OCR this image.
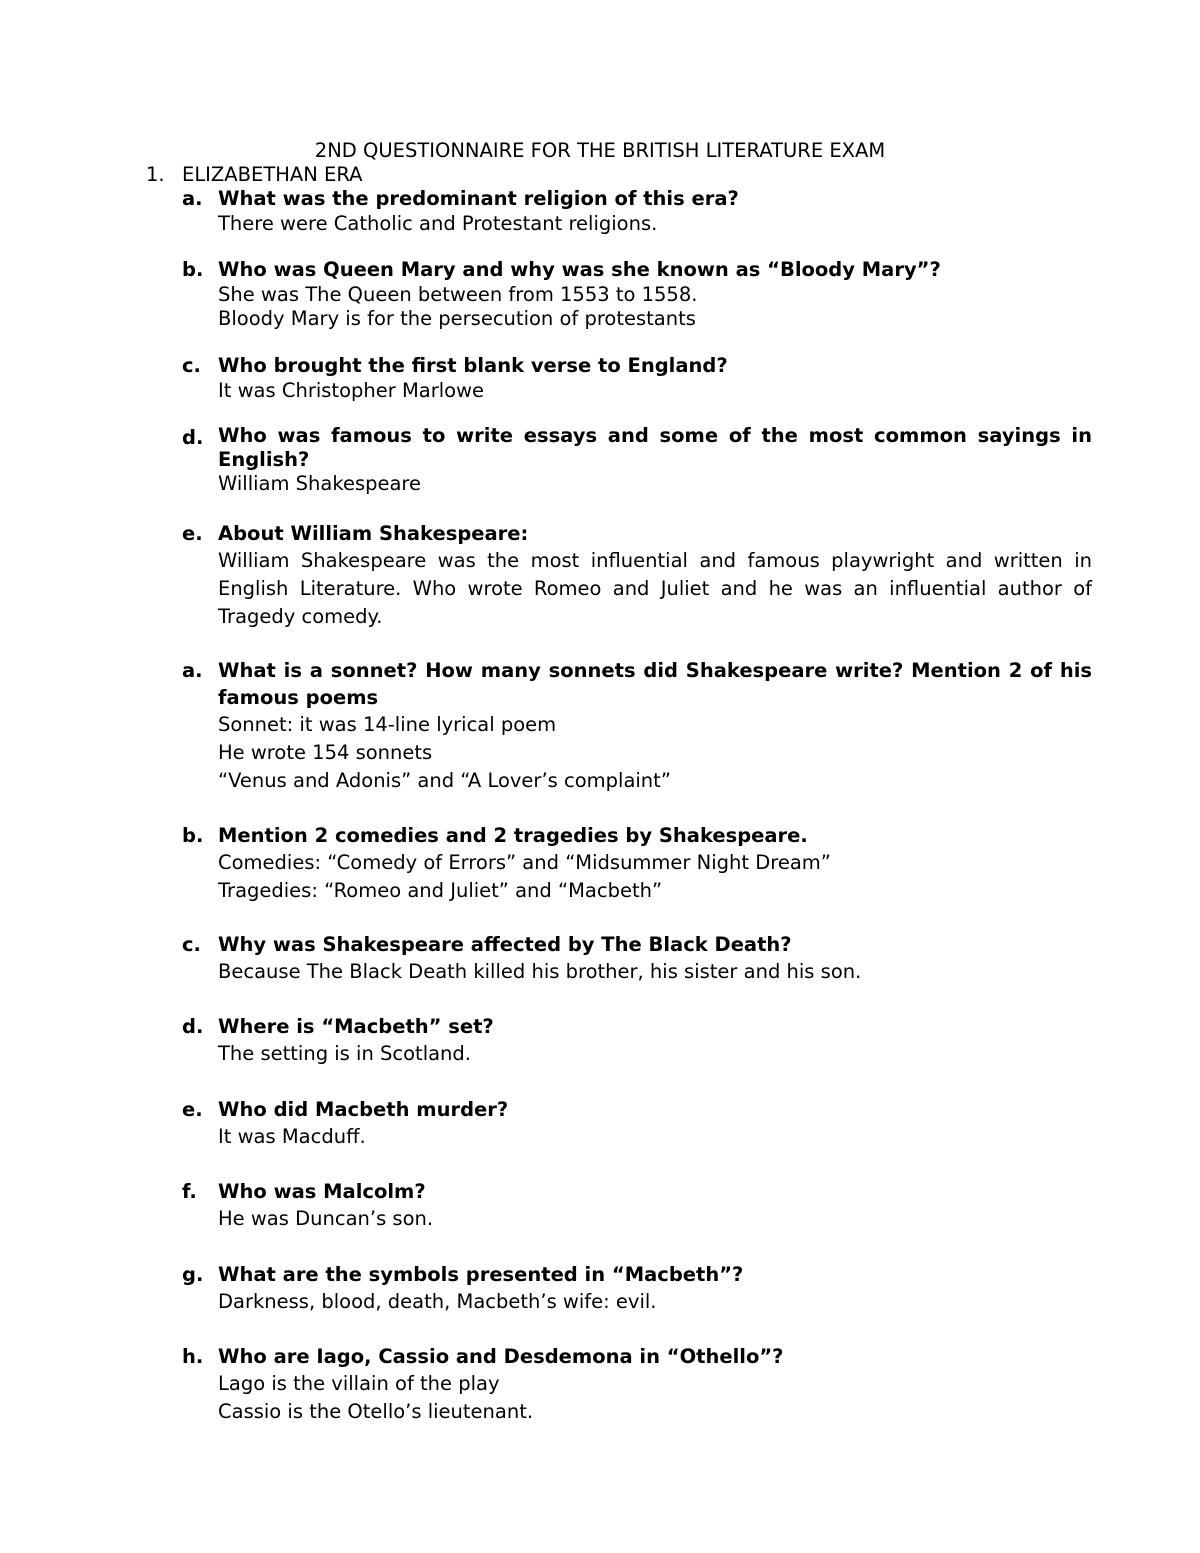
2ND QUESTIONNAIRE FOR THE BRITISH LITERATURE EXAM
1. ELIZABETHAN ERA
a. What was the predominant religion of this era?
There were Catholic and Protestant religions.
b. Who was Queen Mary and why was she known as “Bloody Mary”?
She was The Queen between from 1553 to 1558.
Bloody Mary is for the persecution of protestants
c. Who brought the first blank verse to England?
It was Christopher Marlowe
d. Who was famous to write essays and some of the most common sayings in English?
William Shakespeare
e. About William Shakespeare:
William Shakespeare was the most influential and famous playwright and written in English Literature. Who wrote Romeo and Juliet and he was an influential author of Tragedy comedy.
a. What is a sonnet? How many sonnets did Shakespeare write? Mention 2 of his famous poems
Sonnet: it was 14-line lyrical poem
He wrote 154 sonnets
“Venus and Adonis” and “A Lover’s complaint”
b. Mention 2 comedies and 2 tragedies by Shakespeare.
Comedies: “Comedy of Errors” and “Midsummer Night Dream”
Tragedies: “Romeo and Juliet” and “Macbeth”
c. Why was Shakespeare affected by The Black Death?
Because The Black Death killed his brother, his sister and his son.
d. Where is “Macbeth” set?
The setting is in Scotland.
e. Who did Macbeth murder?
It was Macduff.
f. Who was Malcolm?
He was Duncan’s son.
g. What are the symbols presented in “Macbeth”?
Darkness, blood, death, Macbeth’s wife: evil.
h. Who are Iago, Cassio and Desdemona in “Othello”?
Lago is the villain of the play
Cassio is the Otello’s lieutenant.
